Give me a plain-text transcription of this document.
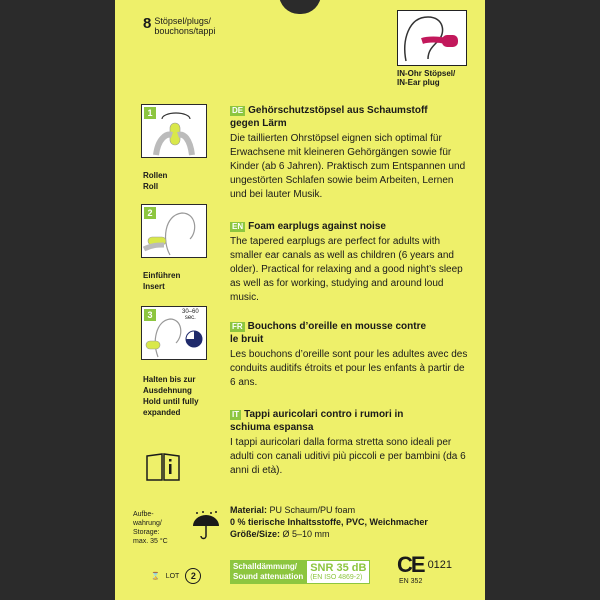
8 Stöpsel/plugs/
bouchons/tappi
IN-Ohr Stöpsel/
IN-Ear plug
1
Rollen
Roll
2
Einführen
Insert
3	30–60
sec.
Halten bis zur
Ausdehnung
Hold until fully
expanded
DE Gehörschutzstöpsel aus Schaumstoff
gegen Lärm
Die taillierten Ohrstöpsel eignen sich optimal für Erwachsene mit kleineren Gehörgängen sowie für Kinder (ab 6 Jahren). Praktisch zum Entspannen und ungestörten Schlafen sowie beim Arbeiten, Lernen und bei lauter Musik.
EN Foam earplugs against noise
The tapered earplugs are perfect for adults with smaller ear canals as well as children (6 years and older). Practical for relaxing and a good night’s sleep as well as for working, studying and around loud music.
FR Bouchons d’oreille en mousse contre
le bruit
Les bouchons d’oreille sont pour les adultes avec des conduits auditifs étroits et pour les enfants à partir de 6 ans.
IT Tappi auricolari contro i rumori in
schiuma espansa
I tappi auricolari dalla forma stretta sono ideali per adulti con canali uditivi più piccoli e per bambini (da 6 anni di età).
Material: PU Schaum/PU foam
0 % tierische Inhaltsstoffe, PVC, Weichmacher
Größe/Size: Ø 5–10 mm
Aufbe-
wahrung/
Storage:
max. 35 °C
⌛ LOT	2
Schalldämmung/
Sound attenuation
SNR 35 dB
(EN ISO 4869-2)
CE 0121
EN 352
